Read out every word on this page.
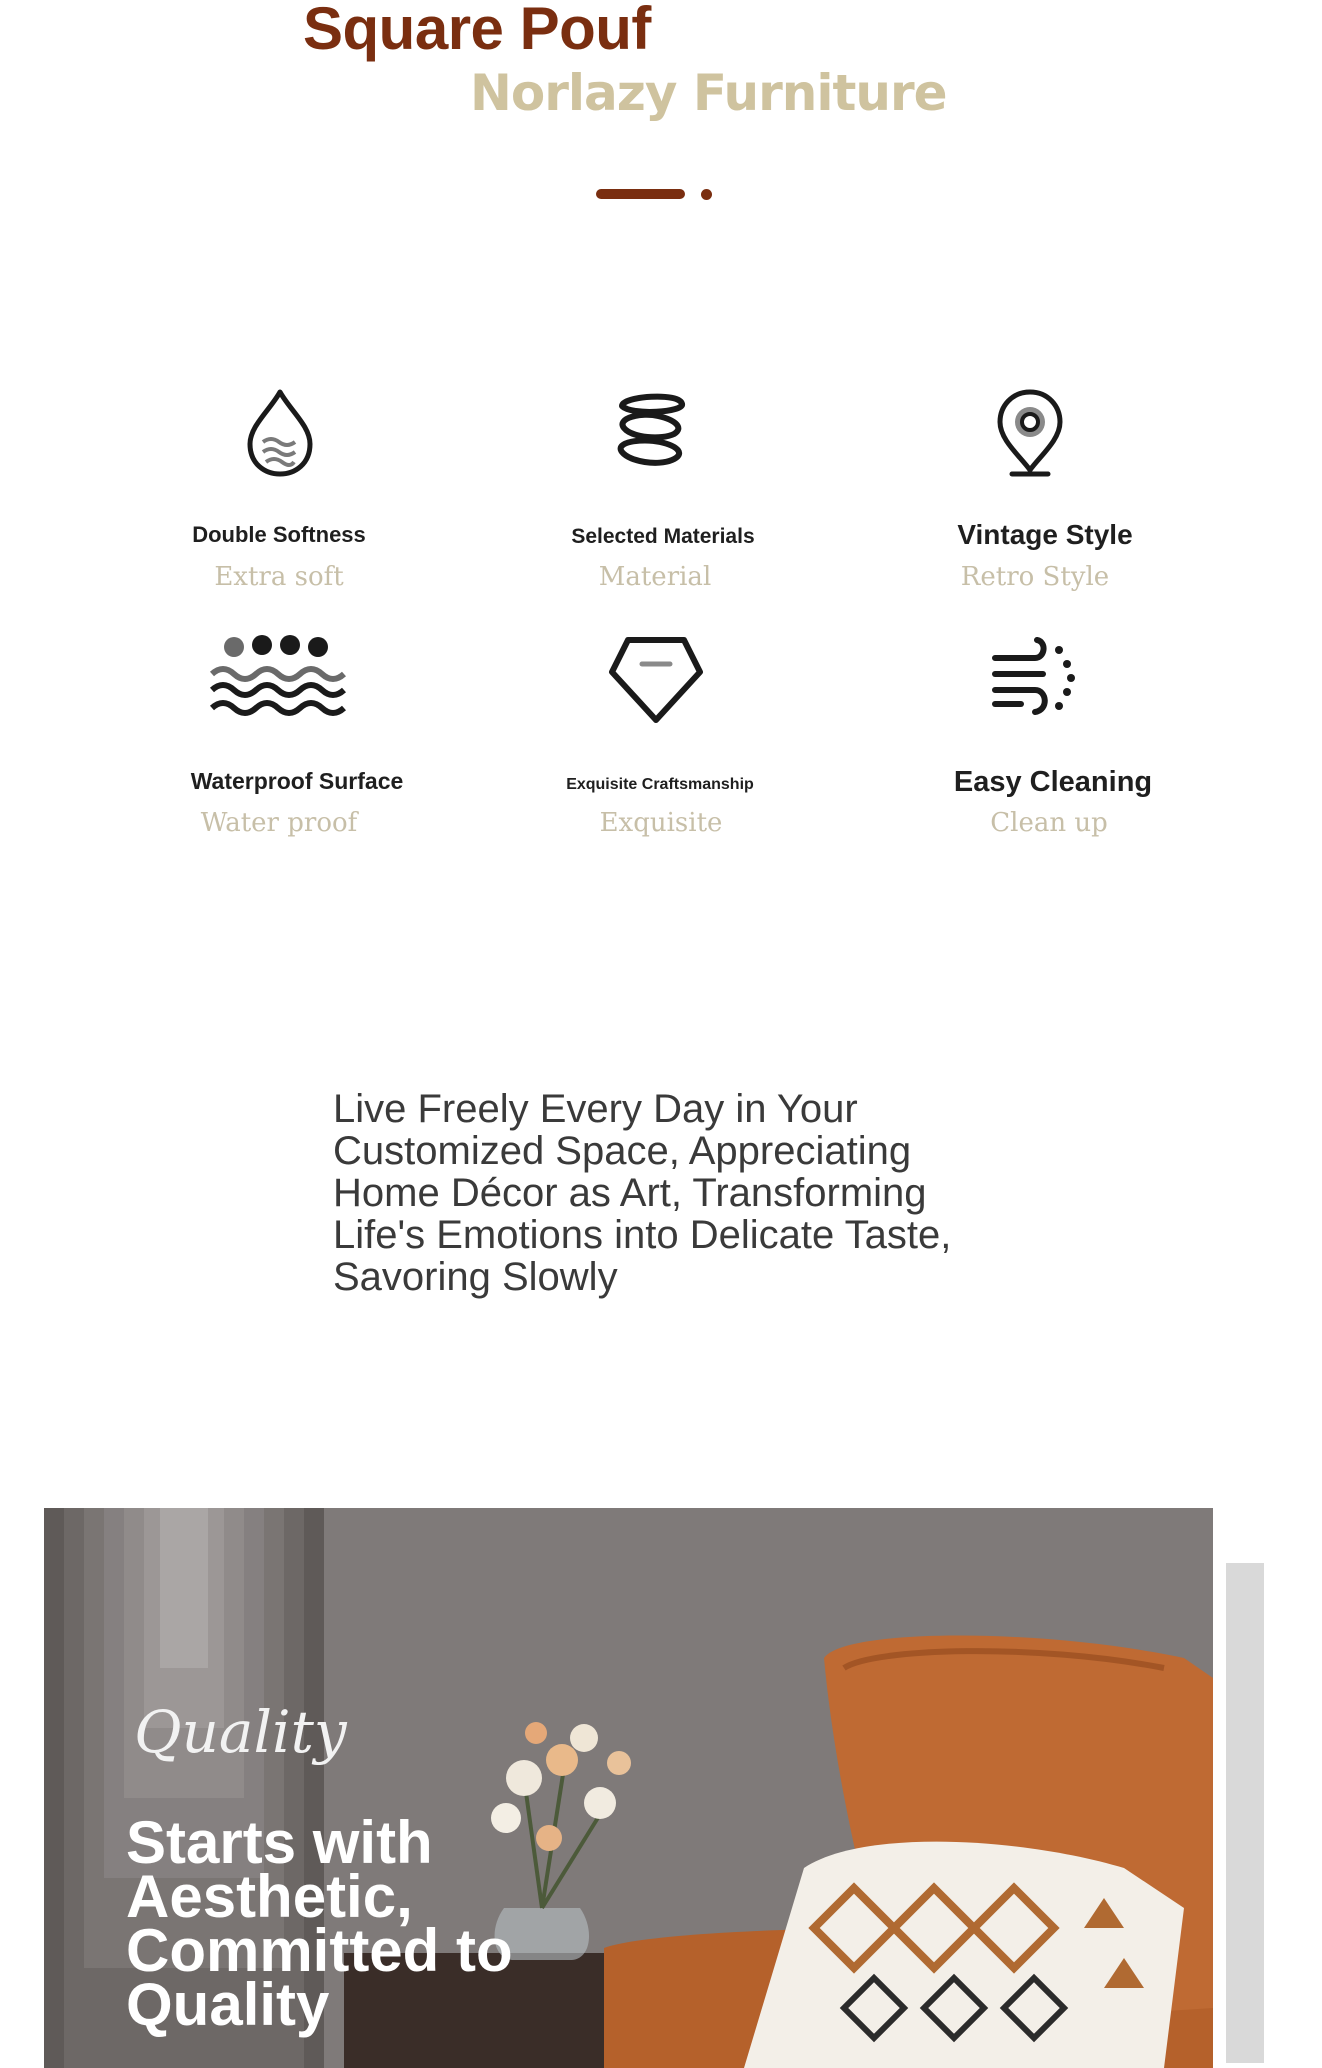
Square Pouf
Norlazy Furniture
Double Softness
Extra soft
Selected Materials
Material
Vintage Style
Retro Style
Waterproof Surface
Water proof
Exquisite Craftsmanship
Exquisite
Easy Cleaning
Clean up
Live Freely Every Day in Your Customized Space, Appreciating Home Décor as Art, Transforming Life's Emotions into Delicate Taste, Savoring Slowly
Quality
Starts with
Aesthetic,
Committed to
Quality
